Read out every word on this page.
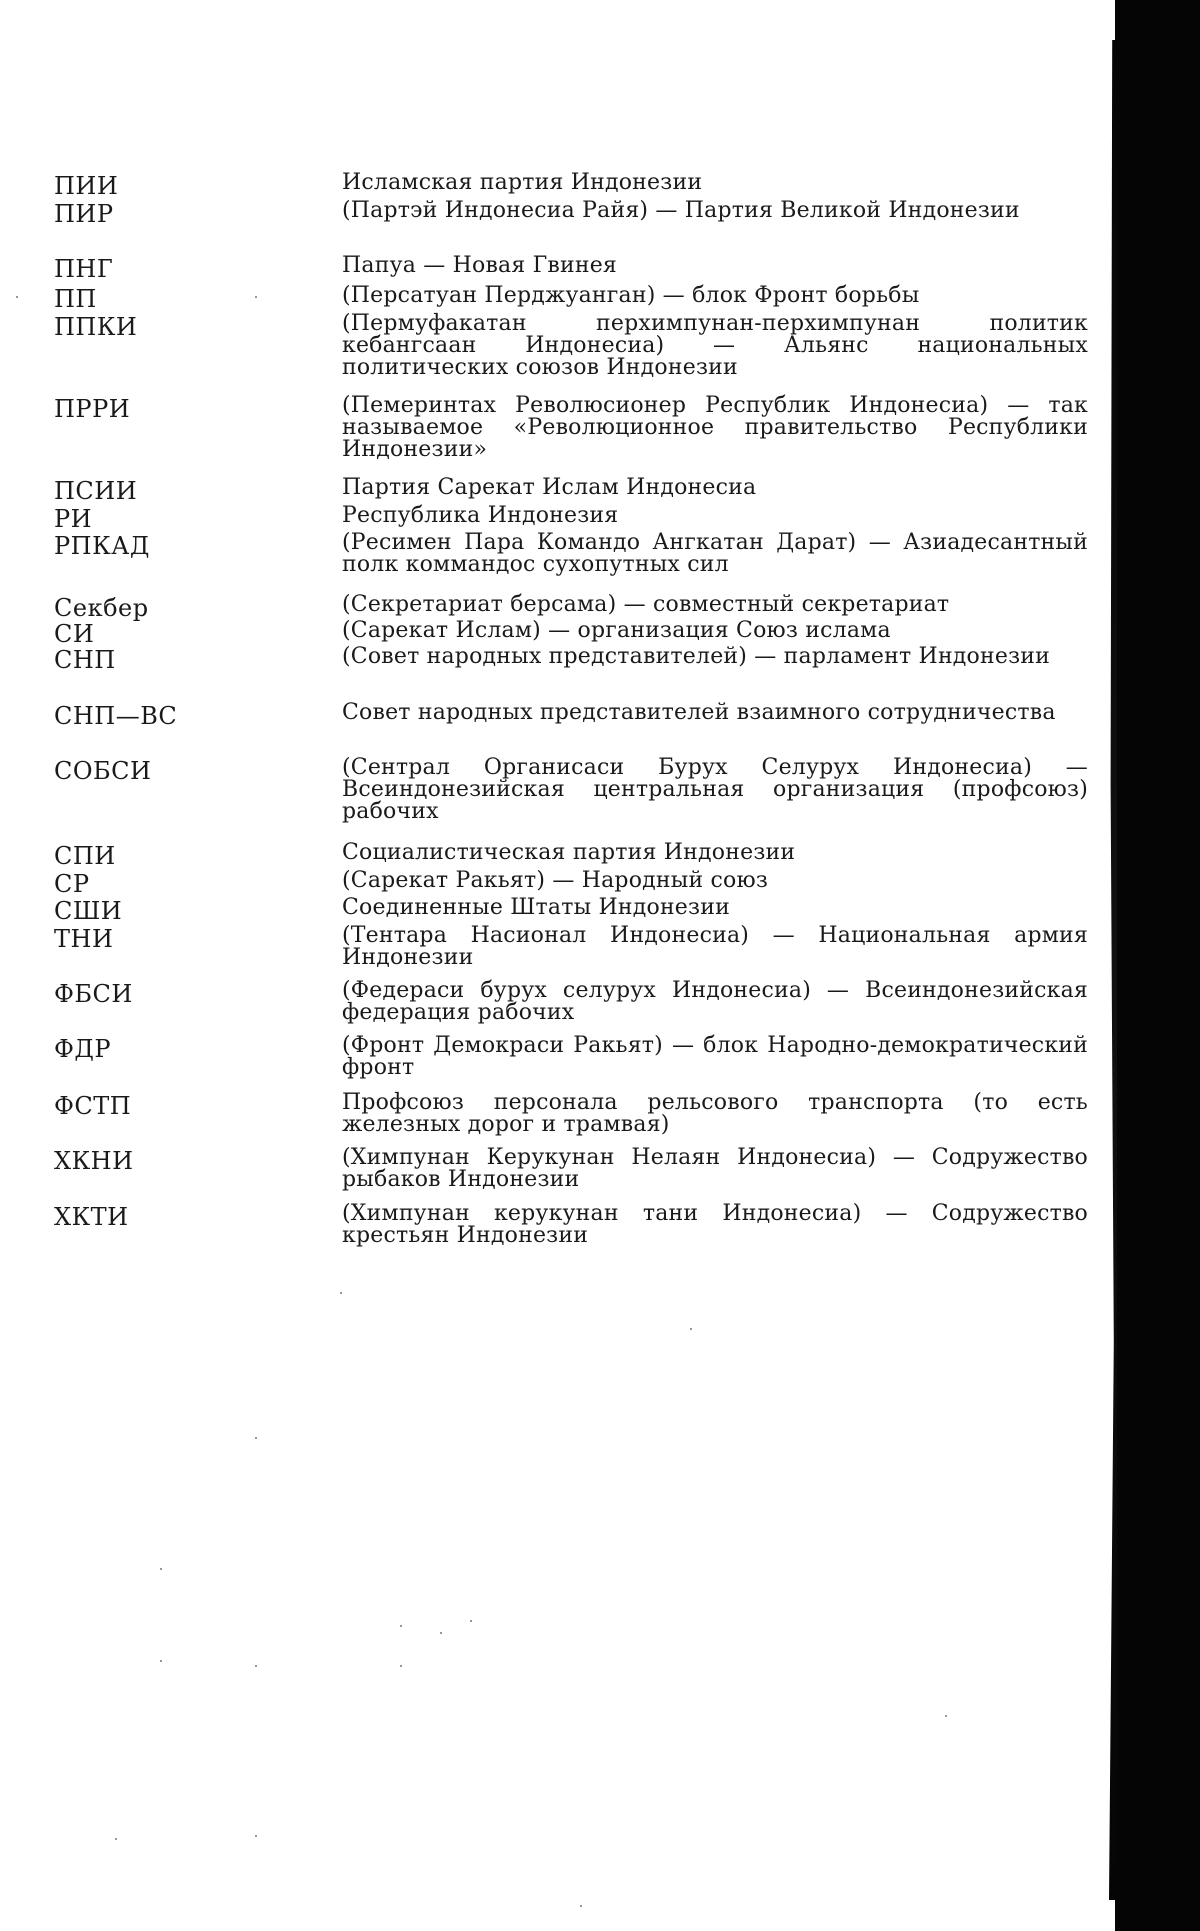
ПИИ	Исламская партия Индонезии
ПИР	(Партэй Индонесиа Райя) — Партия Великой Индонезии
ПНГ	Папуа — Новая Гвинея
ПП	(Персатуан Перджуанган) — блок Фронт борьбы
ППКИ	(Пермуфакатан перхимпунан-перхимпунан политик кебангсаан Индонесиа) — Альянс национальных политических союзов Индонезии
ПРРИ	(Пемеринтах Революсионер Республик Индонесиа) — так называемое «Революционное правительство Республики Индонезии»
ПСИИ	Партия Сарекат Ислам Индонесиа
РИ	Республика Индонезия
РПКАД	(Ресимен Пара Командо Ангкатан Дарат) — Азиадесантный полк коммандос сухопутных сил
Секбер	(Секретариат берсама) — совместный секретариат
СИ	(Сарекат Ислам) — организация Союз ислама
СНП	(Совет народных представителей) — парламент Индонезии
СНП—ВС	Совет народных представителей взаимного сотрудничества
СОБСИ	(Сентрал Органисаси Бурух Селурух Индонесиа) — Всеиндонезийская центральная организация (профсоюз) рабочих
СПИ	Социалистическая партия Индонезии
СР	(Сарекат Ракьят) — Народный союз
СШИ	Соединенные Штаты Индонезии
ТНИ	(Тентара Насионал Индонесиа) — Национальная армия Индонезии
ФБСИ	(Федераси бурух селурух Индонесиа) — Всеиндонезийская федерация рабочих
ФДР	(Фронт Демокраси Ракьят) — блок Народно-демократический фронт
ФСТП	Профсоюз персонала рельсового транспорта (то есть железных дорог и трамвая)
ХКНИ	(Химпунан Керукунан Нелаян Индонесиа) — Содружество рыбаков Индонезии
ХКТИ	(Химпунан керукунан тани Индонесиа) — Содружество крестьян Индонезии
